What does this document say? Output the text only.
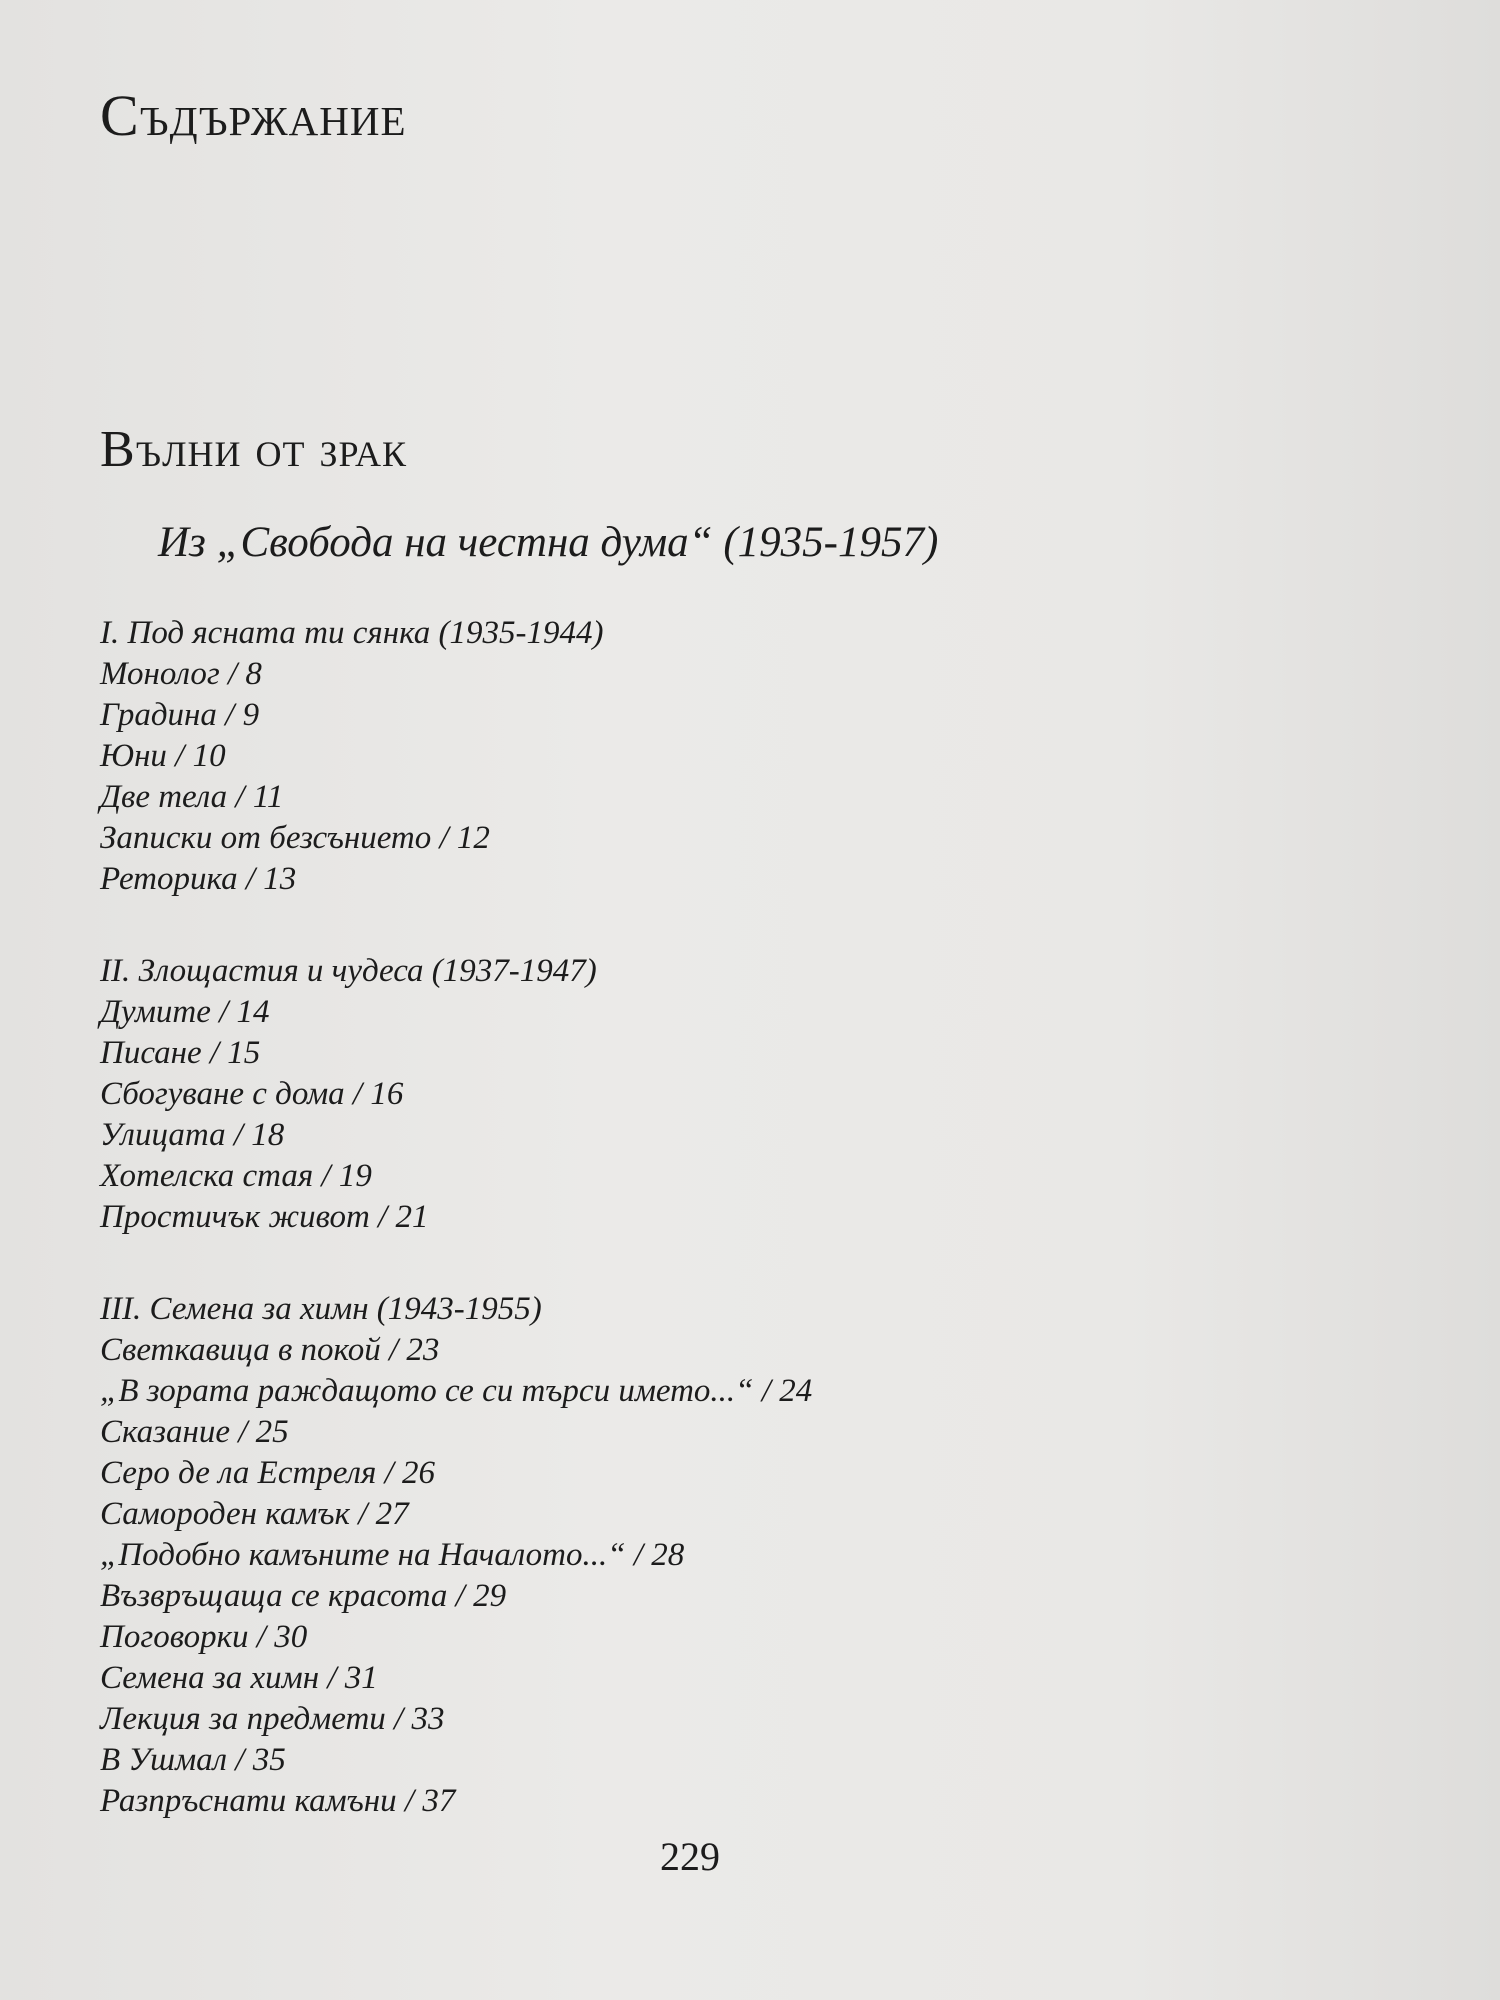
Съдържание
Вълни от зрак
Из „Свобода на честна дума“ (1935-1957)

I. Под ясната ти сянка (1935-1944)

Монолог / 8
Градина / 9
Юни / 10
Две тела / 11
Записки от безсънието / 12
Реторика / 13

II. Злощастия и чудеса (1937-1947)

Думите / 14
Писане / 15
Сбогуване с дома / 16
Улицата / 18
Хотелска стая / 19
Простичък живот / 21

III. Семена за химн (1943-1955)

Светкавица в покой / 23
„В зората раждащото се си търси името...“ / 24
Сказание / 25
Серо де ла Естреля / 26
Самороден камък / 27
„Подобно камъните на Началото...“ / 28
Възвръщаща се красота / 29
Поговорки / 30
Семена за химн / 31
Лекция за предмети / 33
В Ушмал / 35
Разпръснати камъни / 37

229
